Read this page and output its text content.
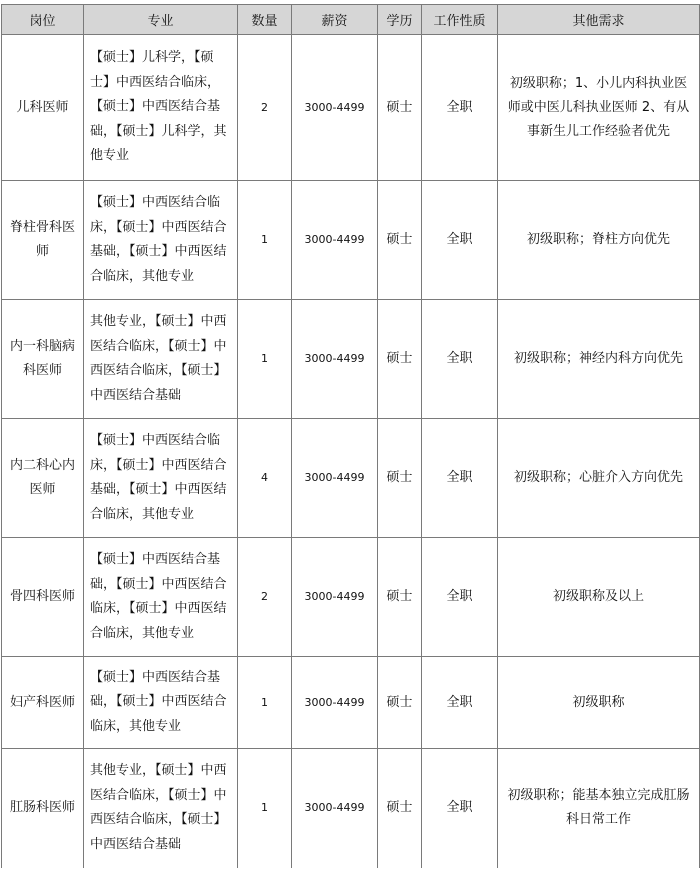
岗位	专业	数量	薪资	学历	工作性质	其他需求
儿科医师	【硕士】儿科学，【硕士】中西医结合临床，【硕士】中西医结合基础，【硕士】儿科学，其他专业	2	3000-4499	硕士	全职	初级职称；1、小儿内科执业医师或中医儿科执业医师 2、有从事新生儿工作经验者优先
脊柱骨科医师	【硕士】中西医结合临床，【硕士】中西医结合基础，【硕士】中西医结合临床，其他专业	1	3000-4499	硕士	全职	初级职称；脊柱方向优先
内一科脑病科医师	其他专业，【硕士】中西医结合临床，【硕士】中西医结合临床，【硕士】中西医结合基础	1	3000-4499	硕士	全职	初级职称；神经内科方向优先
内二科心内医师	【硕士】中西医结合临床，【硕士】中西医结合基础，【硕士】中西医结合临床，其他专业	4	3000-4499	硕士	全职	初级职称；心脏介入方向优先
骨四科医师	【硕士】中西医结合基础，【硕士】中西医结合临床，【硕士】中西医结合临床，其他专业	2	3000-4499	硕士	全职	初级职称及以上
妇产科医师	【硕士】中西医结合基础，【硕士】中西医结合临床，其他专业	1	3000-4499	硕士	全职	初级职称
肛肠科医师	其他专业，【硕士】中西医结合临床，【硕士】中西医结合临床，【硕士】中西医结合基础	1	3000-4499	硕士	全职	初级职称；能基本独立完成肛肠科日常工作
